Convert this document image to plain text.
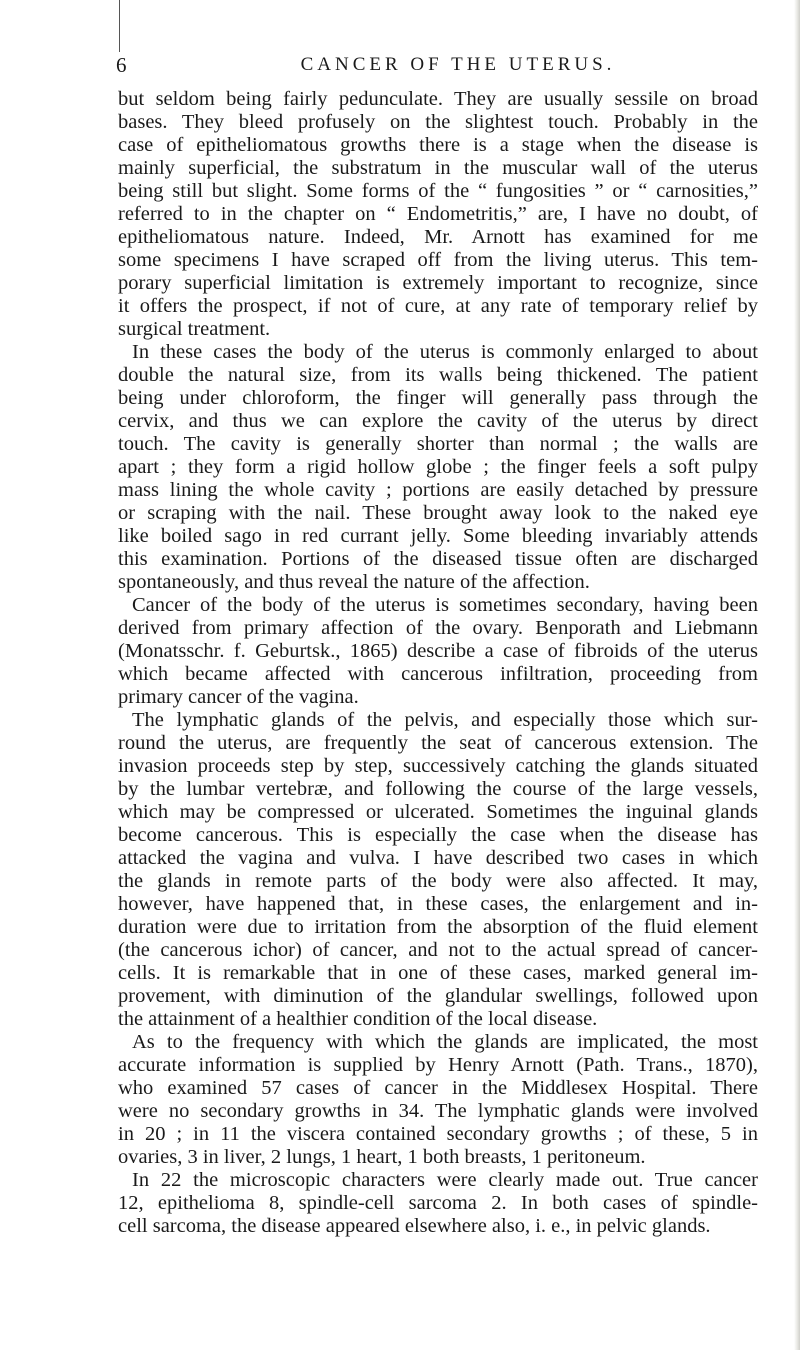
6	CANCER OF THE UTERUS.
but seldom being fairly pedunculate. They are usually sessile on broad
bases. They bleed profusely on the slightest touch. Probably in the
case of epitheliomatous growths there is a stage when the disease is
mainly superficial, the substratum in the muscular wall of the uterus
being still but slight. Some forms of the “ fungosities ” or “ carnosities,”
referred to in the chapter on “ Endometritis,” are, I have no doubt, of
epitheliomatous nature. Indeed, Mr. Arnott has examined for me
some specimens I have scraped off from the living uterus. This tem-
porary superficial limitation is extremely important to recognize, since
it offers the prospect, if not of cure, at any rate of temporary relief by
surgical treatment.
In these cases the body of the uterus is commonly enlarged to about
double the natural size, from its walls being thickened. The patient
being under chloroform, the finger will generally pass through the
cervix, and thus we can explore the cavity of the uterus by direct
touch. The cavity is generally shorter than normal ; the walls are
apart ; they form a rigid hollow globe ; the finger feels a soft pulpy
mass lining the whole cavity ; portions are easily detached by pressure
or scraping with the nail. These brought away look to the naked eye
like boiled sago in red currant jelly. Some bleeding invariably attends
this examination. Portions of the diseased tissue often are discharged
spontaneously, and thus reveal the nature of the affection.
Cancer of the body of the uterus is sometimes secondary, having been
derived from primary affection of the ovary. Benporath and Liebmann
(Monatsschr. f. Geburtsk., 1865) describe a case of fibroids of the uterus
which became affected with cancerous infiltration, proceeding from
primary cancer of the vagina.
The lymphatic glands of the pelvis, and especially those which sur-
round the uterus, are frequently the seat of cancerous extension. The
invasion proceeds step by step, successively catching the glands situated
by the lumbar vertebræ, and following the course of the large vessels,
which may be compressed or ulcerated. Sometimes the inguinal glands
become cancerous. This is especially the case when the disease has
attacked the vagina and vulva. I have described two cases in which
the glands in remote parts of the body were also affected. It may,
however, have happened that, in these cases, the enlargement and in-
duration were due to irritation from the absorption of the fluid element
(the cancerous ichor) of cancer, and not to the actual spread of cancer-
cells. It is remarkable that in one of these cases, marked general im-
provement, with diminution of the glandular swellings, followed upon
the attainment of a healthier condition of the local disease.
As to the frequency with which the glands are implicated, the most
accurate information is supplied by Henry Arnott (Path. Trans., 1870),
who examined 57 cases of cancer in the Middlesex Hospital. There
were no secondary growths in 34. The lymphatic glands were involved
in 20 ; in 11 the viscera contained secondary growths ; of these, 5 in
ovaries, 3 in liver, 2 lungs, 1 heart, 1 both breasts, 1 peritoneum.
In 22 the microscopic characters were clearly made out. True cancer
12, epithelioma 8, spindle-cell sarcoma 2. In both cases of spindle-
cell sarcoma, the disease appeared elsewhere also, i. e., in pelvic glands.
